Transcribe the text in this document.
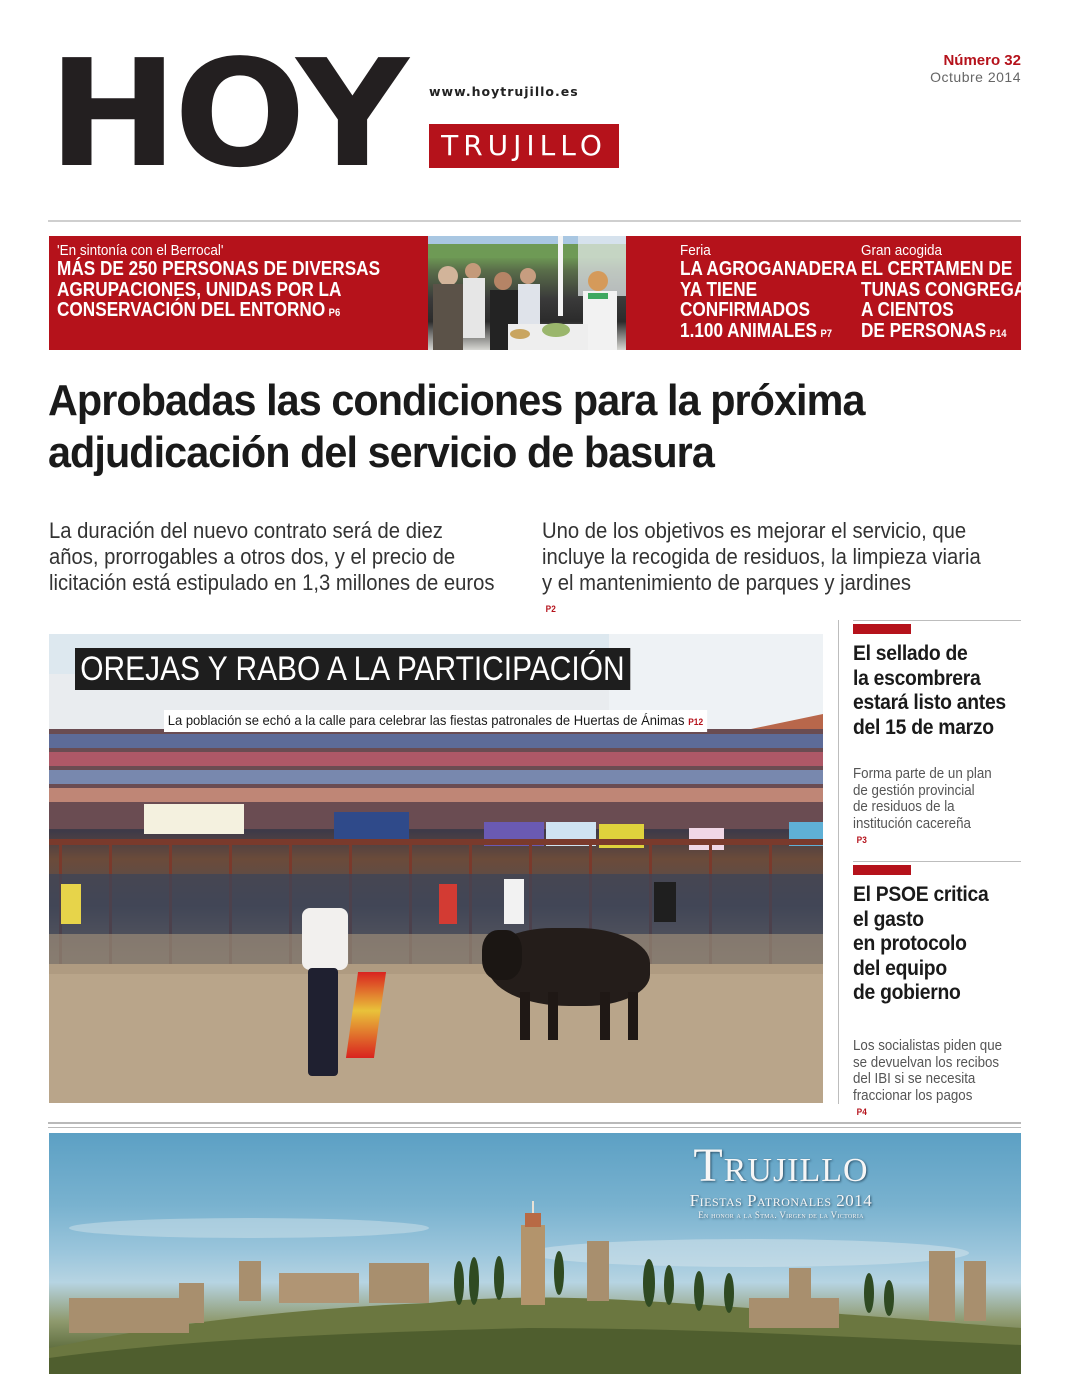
HOY www.hoytrujillo.es
TRUJILLO
Número 32
Octubre 2014
'En sintonía con el Berrocal'
MÁS DE 250 PERSONAS DE DIVERSAS
AGRUPACIONES, UNIDAS POR LA
CONSERVACIÓN DEL ENTORNO P6
Feria
LA AGROGANADERA
YA TIENE
CONFIRMADOS
1.100 ANIMALES P7
Gran acogida
EL CERTAMEN DE
TUNAS CONGREGA
A CIENTOS
DE PERSONAS P14
Aprobadas las condiciones para la próxima
adjudicación del servicio de basura
La duración del nuevo contrato será de diez
años, prorrogables a otros dos, y el precio de
licitación está estipulado en 1,3 millones de euros
Uno de los objetivos es mejorar el servicio, que
incluye la recogida de residuos, la limpieza viaria
y el mantenimiento de parques y jardines
P2
OREJAS Y RABO A LA PARTICIPACIÓN
La población se echó a la calle para celebrar las fiestas patronales de Huertas de Ánimas P12
El sellado de
la escombrera
estará listo antes
del 15 de marzo
Forma parte de un plan
de gestión provincial
de residuos de la
institución cacereña
P3
El PSOE critica
el gasto
en protocolo
del equipo
de gobierno
Los socialistas piden que
se devuelvan los recibos
del IBI si se necesita
fraccionar los pagos
P4
Trujillo
Fiestas Patronales 2014
En honor a la Stma. Virgen de la Victoria
